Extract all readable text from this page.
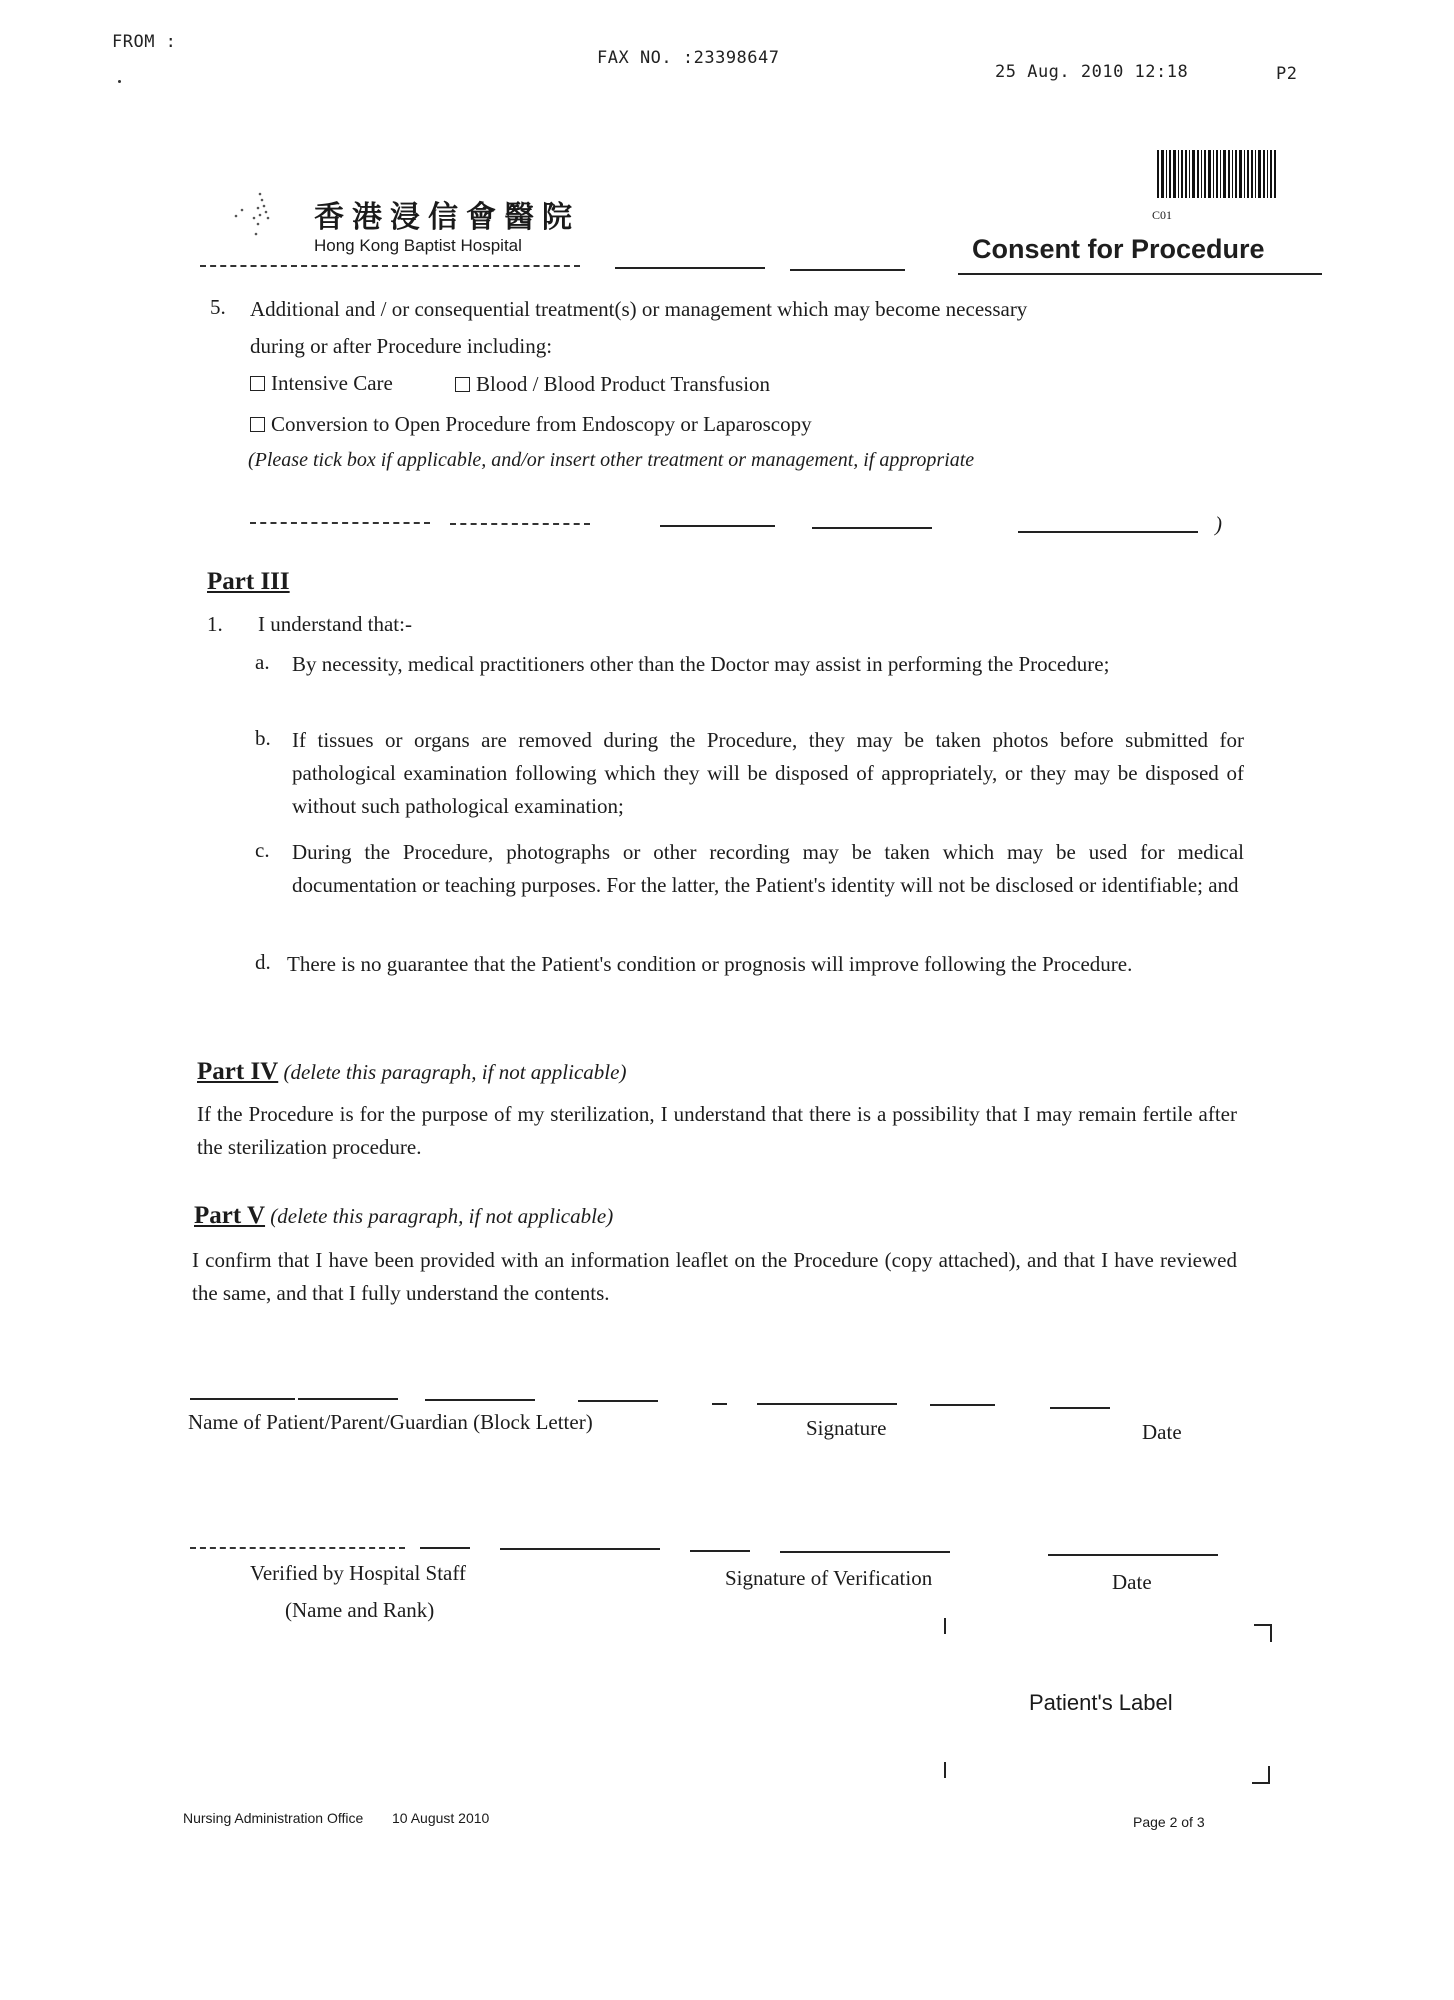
FROM :
FAX NO. :23398647
25 Aug. 2010 12:18	P2
香港浸信會醫院
Hong Kong Baptist Hospital
C01
Consent for Procedure
5. Additional and / or consequential treatment(s) or management which may become necessary
during or after Procedure including:
Intensive Care	Blood / Blood Product Transfusion
Conversion to Open Procedure from Endoscopy or Laparoscopy
(Please tick box if applicable, and/or insert other treatment or management, if appropriate
)
Part III
1. I understand that:-
a. By necessity, medical practitioners other than the Doctor may assist in performing the Procedure;
b. If tissues or organs are removed during the Procedure, they may be taken photos before submitted for pathological examination following which they will be disposed of appropriately, or they may be disposed of without such pathological examination;
c. During the Procedure, photographs or other recording may be taken which may be used for medical documentation or teaching purposes. For the latter, the Patient's identity will not be disclosed or identifiable; and
d. There is no guarantee that the Patient's condition or prognosis will improve following the Procedure.
Part IV (delete this paragraph, if not applicable)
If the Procedure is for the purpose of my sterilization, I understand that there is a possibility that I may remain fertile after the sterilization procedure.
Part V (delete this paragraph, if not applicable)
I confirm that I have been provided with an information leaflet on the Procedure (copy attached), and that I have reviewed the same, and that I fully understand the contents.
Name of Patient/Parent/Guardian (Block Letter)	Signature	Date
Verified by Hospital Staff
(Name and Rank)
Signature of Verification	Date
Patient's Label
Nursing Administration Office 10 August 2010	Page 2 of 3
